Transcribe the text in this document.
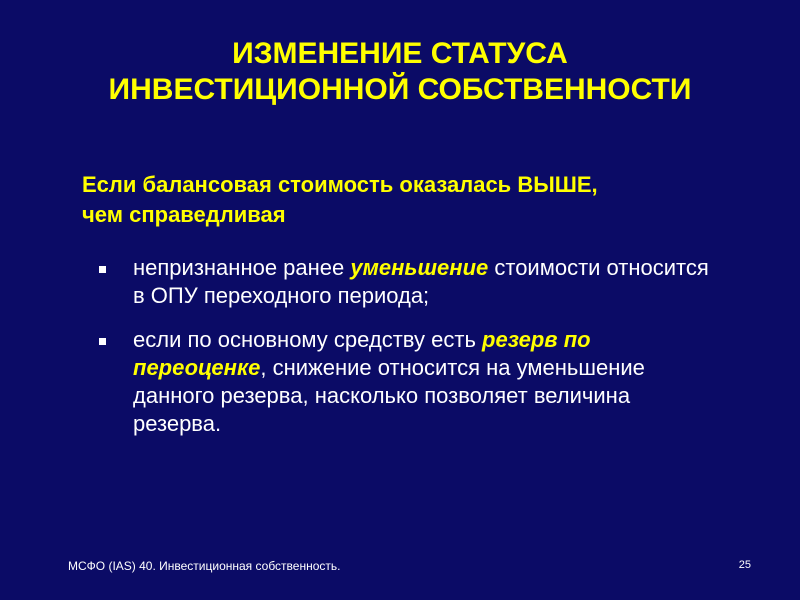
ИЗМЕНЕНИЕ СТАТУСА
ИНВЕСТИЦИОННОЙ СОБСТВЕННОСТИ
Если балансовая стоимость оказалась ВЫШЕ,
чем справедливая
непризнанное ранее уменьшение стоимости относится в ОПУ переходного периода;
если по основному средству есть резерв по переоценке, снижение относится на уменьшение данного резерва, насколько позволяет величина резерва.
МСФО (IAS) 40. Инвестиционная собственность.	25
